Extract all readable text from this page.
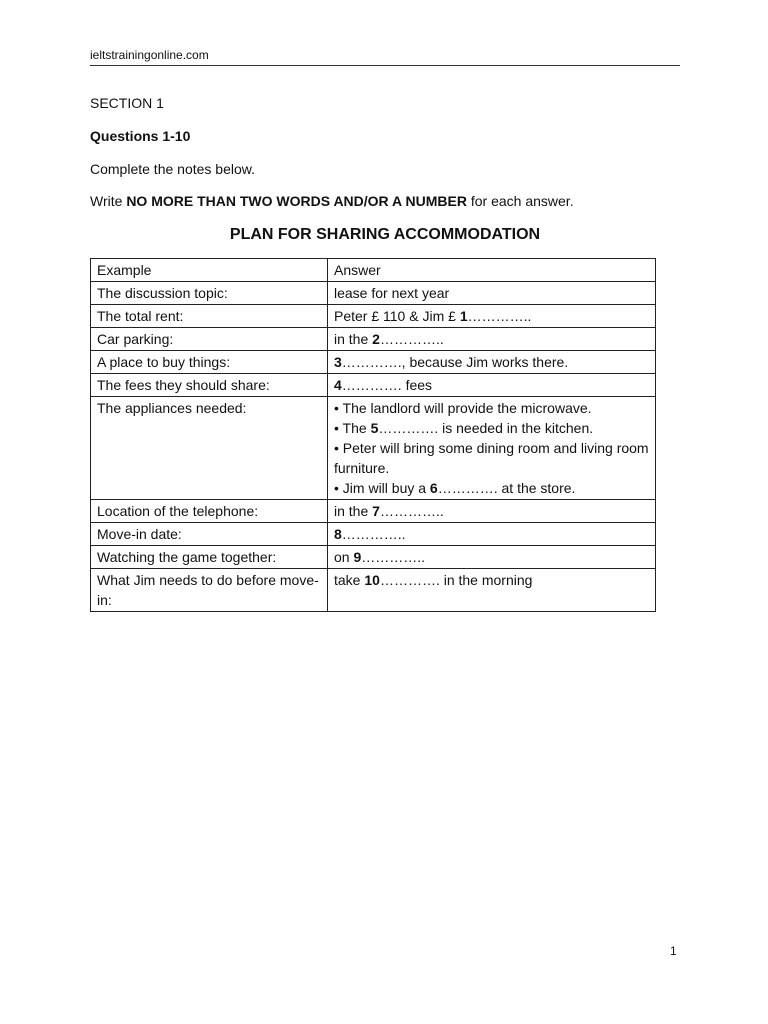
ieltstrainingonline.com
SECTION 1
Questions 1-10
Complete the notes below.
Write NO MORE THAN TWO WORDS AND/OR A NUMBER for each answer.
PLAN FOR SHARING ACCOMMODATION
Example	Answer
The discussion topic:	lease for next year
The total rent:	Peter £ 110 & Jim £ 1…………..
Car parking:	in the 2…………..
A place to buy things:	3…………., because Jim works there.
The fees they should share:	4…………. fees
The appliances needed:	• The landlord will provide the microwave.
• The 5…………. is needed in the kitchen.
• Peter will bring some dining room and living room furniture.
• Jim will buy a 6…………. at the store.

Location of the telephone:	in the 7…………..
Move-in date:	8…………..
Watching the game together:	on 9…………..
What Jim needs to do before move-in:	take 10…………. in the morning
1
